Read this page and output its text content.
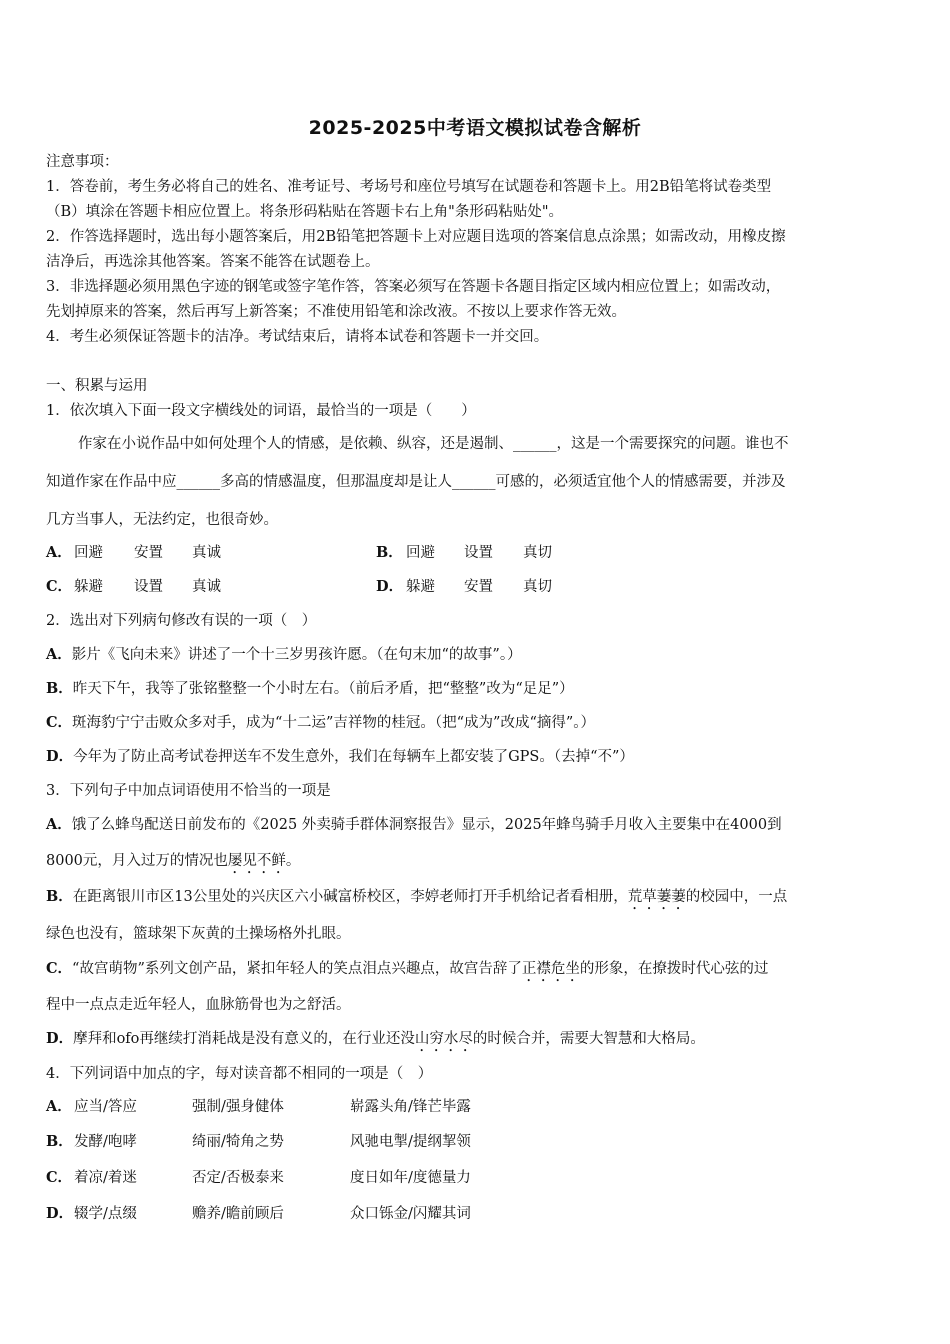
2025-2025中考语文模拟试卷含解析
注意事项：
1．答卷前，考生务必将自己的姓名、准考证号、考场号和座位号填写在试题卷和答题卡上。用2B铅笔将试卷类型
（B）填涂在答题卡相应位置上。将条形码粘贴在答题卡右上角"条形码粘贴处"。
2．作答选择题时，选出每小题答案后，用2B铅笔把答题卡上对应题目选项的答案信息点涂黑；如需改动，用橡皮擦
洁净后，再选涂其他答案。答案不能答在试题卷上。
3．非选择题必须用黑色字迹的钢笔或签字笔作答，答案必须写在答题卡各题目指定区域内相应位置上；如需改动，
先划掉原来的答案，然后再写上新答案；不准使用铅笔和涂改液。不按以上要求作答无效。
4．考生必须保证答题卡的洁净。考试结束后，请将本试卷和答题卡一并交回。
一、积累与运用
1．依次填入下面一段文字横线处的词语，最恰当的一项是（　　）
作家在小说作品中如何处理个人的情感，是依赖、纵容，还是遏制、______，这是一个需要探究的问题。谁也不
知道作家在作品中应______多高的情感温度，但那温度却是让人______可感的，必须适宜他个人的情感需要，并涉及
几方当事人，无法约定，也很奇妙。
A． 回避 安置 真诚	B． 回避 设置 真切
C． 躲避 设置 真诚	D． 躲避 安置 真切
2．选出对下列病句修改有误的一项（　）
A．影片《飞向未来》讲述了一个十三岁男孩许愿。（在句末加“的故事”。）
B．昨天下午，我等了张铭整整一个小时左右。（前后矛盾，把“整整”改为“足足”）
C．斑海豹宁宁击败众多对手，成为“十二运”吉祥物的桂冠。（把“成为”改成“摘得”。）
D．今年为了防止高考试卷押送车不发生意外，我们在每辆车上都安装了GPS。（去掉“不”）
3．下列句子中加点词语使用不恰当的一项是
A．饿了么蜂鸟配送日前发布的《2025 外卖骑手群体洞察报告》显示，2025年蜂鸟骑手月收入主要集中在4000到
8000元，月入过万的情况也屡见不鲜。
B．在距离银川市区13公里处的兴庆区六小碱富桥校区，李婷老师打开手机给记者看相册，荒草萋萋的校园中，一点
绿色也没有，篮球架下灰黄的土操场格外扎眼。
C．“故宫萌物”系列文创产品，紧扣年轻人的笑点泪点兴趣点，故宫告辞了正襟危坐的形象，在撩拨时代心弦的过
程中一点点走近年轻人，血脉筋骨也为之舒活。
D．摩拜和ofo再继续打消耗战是没有意义的，在行业还没山穷水尽的时候合并，需要大智慧和大格局。
4．下列词语中加点的字，每对读音都不相同的一项是（　）
A． 应当/答应	强制/强身健体	崭露头角/锋芒毕露
B． 发酵/咆哮	绮丽/犄角之势	风驰电掣/提纲挈领
C． 着凉/着迷	否定/否极泰来	度日如年/度德量力
D． 辍学/点缀	赡养/瞻前顾后	众口铄金/闪耀其词
